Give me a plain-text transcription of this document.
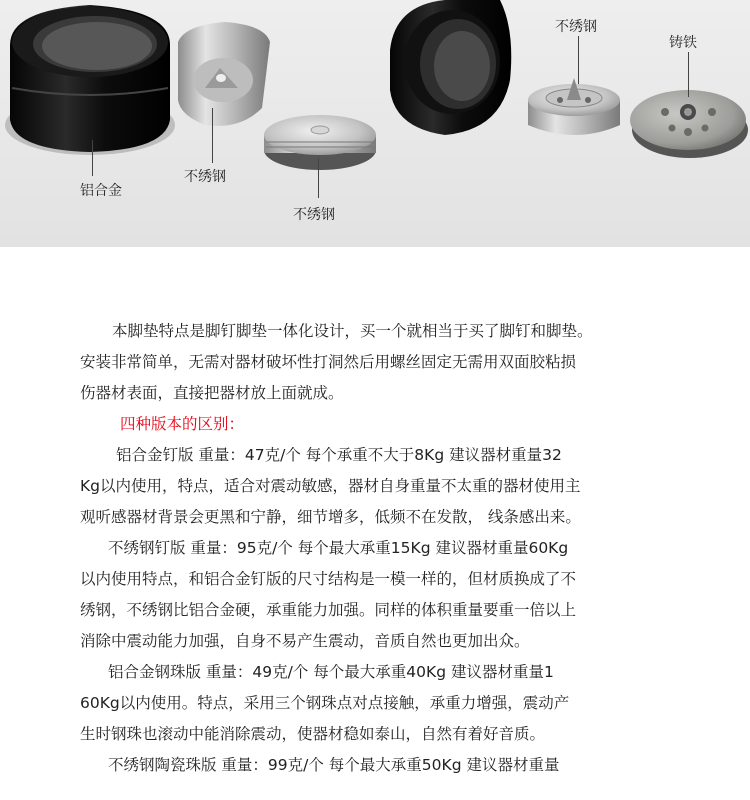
铝合金
不绣钢
不绣钢
不绣钢
铸铁

本脚垫特点是脚钉脚垫一体化设计，买一个就相当于买了脚钉和脚垫。

安装非常简单，无需对器材破坏性打洞然后用螺丝固定无需用双面胶粘损

伤器材表面，直接把器材放上面就成。

四种版本的区别：

铝合金钉版 重量：47克/个 每个承重不大于8Kg 建议器材重量32

Kg以内使用，特点，适合对震动敏感，器材自身重量不太重的器材使用主

观听感器材背景会更黑和宁静，细节增多，低频不在发散， 线条感出来。

不绣钢钉版 重量：95克/个 每个最大承重15Kg 建议器材重量60Kg

以内使用特点，和铝合金钉版的尺寸结构是一模一样的，但材质换成了不

绣钢，不绣钢比铝合金硬，承重能力加强。同样的体积重量要重一倍以上

消除中震动能力加强，自身不易产生震动，音质自然也更加出众。

铝合金钢珠版 重量：49克/个 每个最大承重40Kg 建议器材重量1

60Kg以内使用。特点，采用三个钢珠点对点接触，承重力增强，震动产

生时钢珠也滚动中能消除震动，使器材稳如泰山，自然有着好音质。

不绣钢陶瓷珠版 重量：99克/个 每个最大承重50Kg 建议器材重量
